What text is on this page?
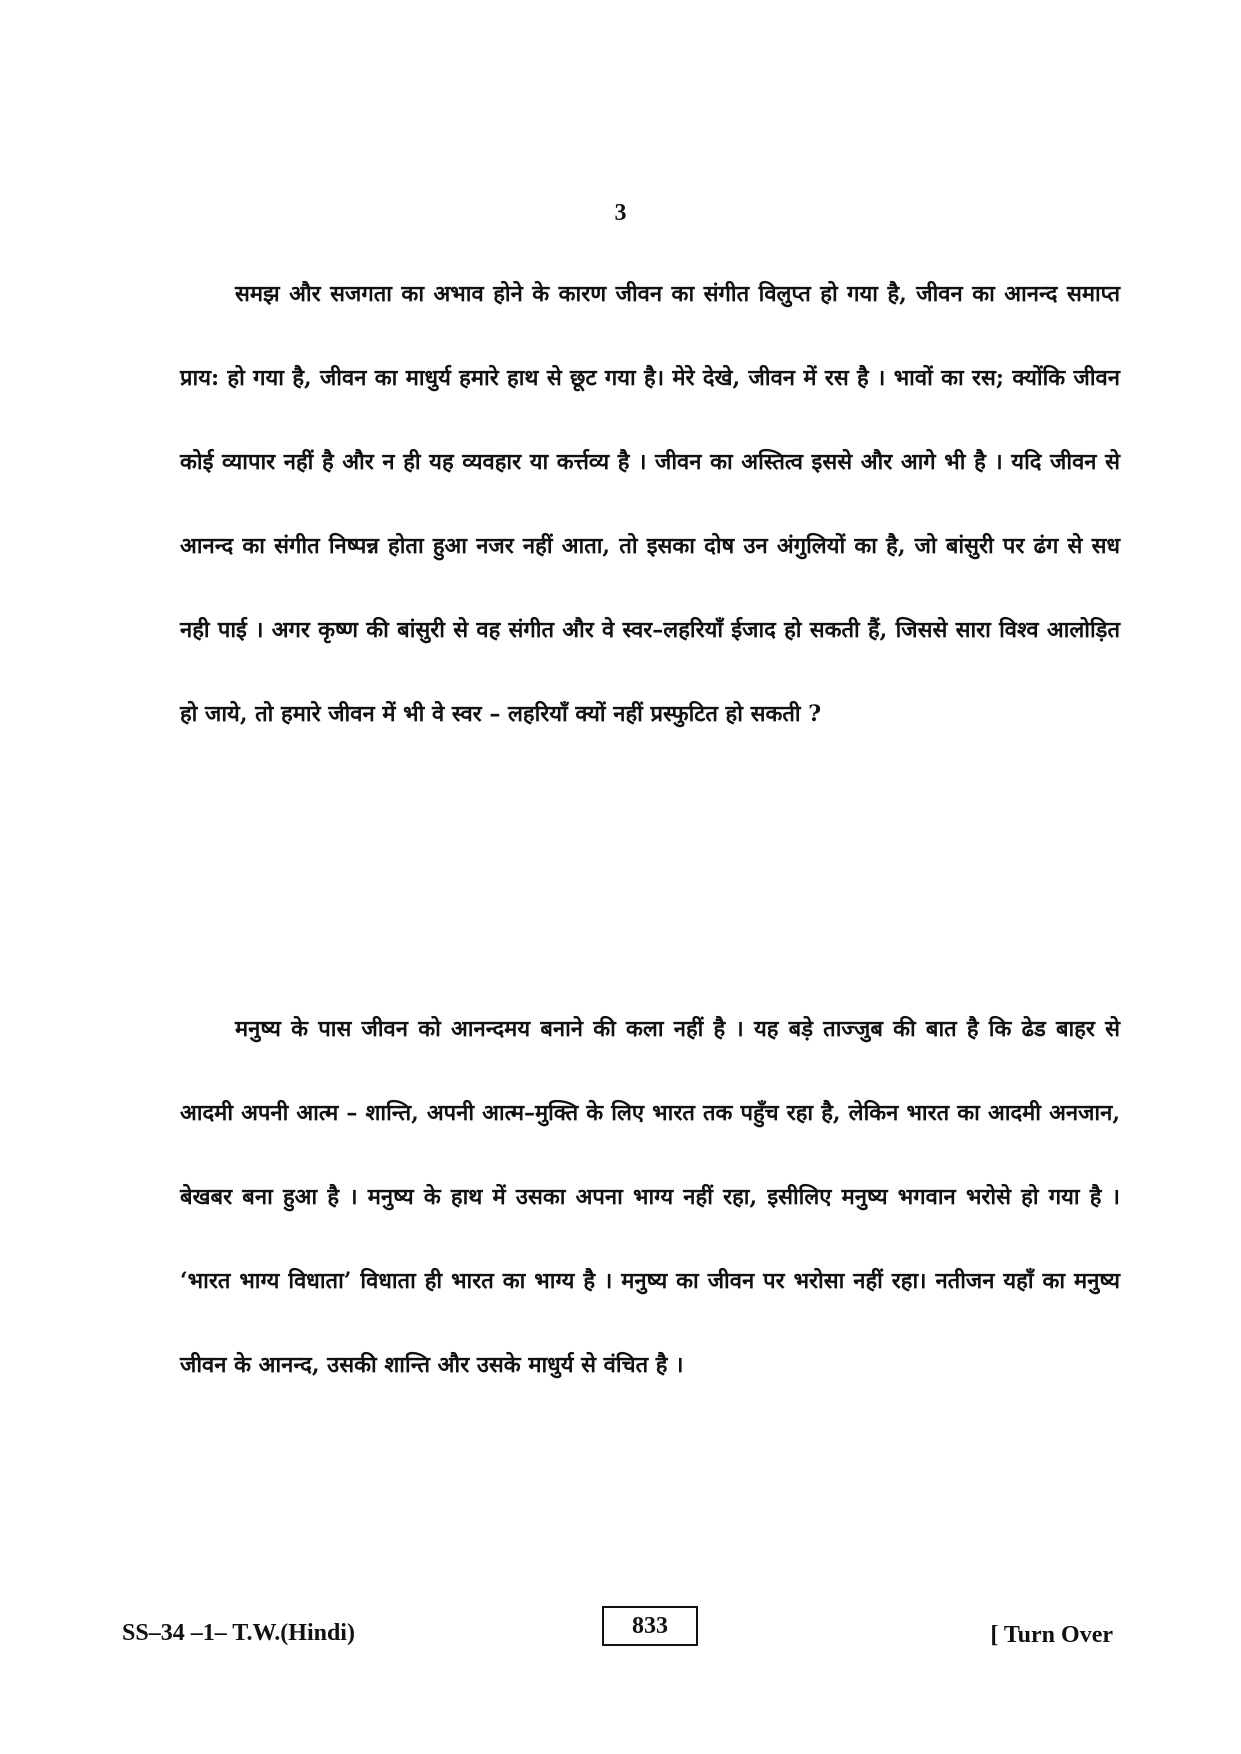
3

समझ और सजगता का अभाव होने के कारण जीवन का संगीत विलुप्त हो गया है, जीवन का आनन्द समाप्त प्राय: हो गया है, जीवन का माधुर्य हमारे हाथ से छूट गया है। मेरे देखे, जीवन में रस है । भावों का रस; क्योंकि जीवन कोई व्यापार नहीं है और न ही यह व्यवहार या कर्त्तव्य है । जीवन का अस्तित्व इससे और आगे भी है । यदि जीवन से आनन्द का संगीत निष्पन्न होता हुआ नजर नहीं आता, तो इसका दोष उन अंगुलियों का है, जो बांसुरी पर ढंग से सध नही पाई । अगर कृष्ण की बांसुरी से वह संगीत और वे स्वर–लहरियाँ ईजाद हो सकती हैं, जिससे सारा विश्व आलोड़ित हो जाये, तो हमारे जीवन में भी वे स्वर – लहरियाँ क्यों नहीं प्रस्फुटित हो सकती ?

मनुष्य के पास जीवन को आनन्दमय बनाने की कला नहीं है । यह बड़े ताज्जुब की बात है कि ढेड बाहर से आदमी अपनी आत्म – शान्ति, अपनी आत्म–मुक्ति के लिए भारत तक पहुँच रहा है, लेकिन भारत का आदमी अनजान, बेखबर बना हुआ है । मनुष्य के हाथ में उसका अपना भाग्य नहीं रहा, इसीलिए मनुष्य भगवान भरोसे हो गया है । ‘भारत भाग्य विधाता’ विधाता ही भारत का भाग्य है । मनुष्य का जीवन पर भरोसा नहीं रहा। नतीजन यहाँ का मनुष्य जीवन के आनन्द, उसकी शान्ति और उसके माधुर्य से वंचित है ।

SS–34 –1– T.W.(Hindi)	833	[ Turn Over
